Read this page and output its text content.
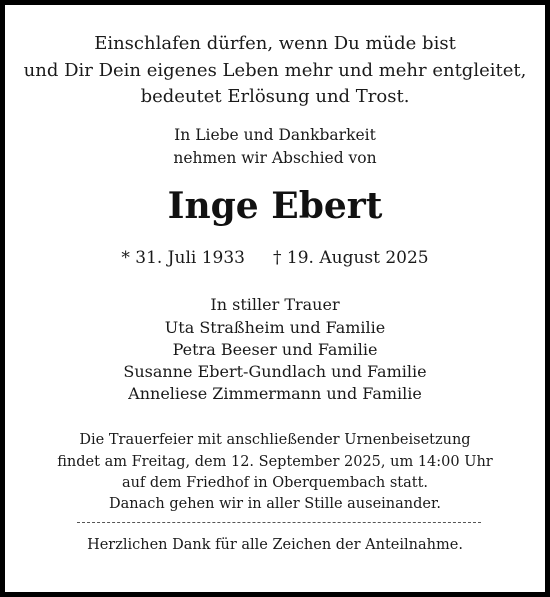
Einschlafen dürfen, wenn Du müde bist
und Dir Dein eigenes Leben mehr und mehr entgleitet,
bedeutet Erlösung und Trost.
In Liebe und Dankbarkeit
nehmen wir Abschied von
Inge Ebert
* 31. Juli 1933 † 19. August 2025
In stiller Trauer
Uta Straßheim und Familie
Petra Beeser und Familie
Susanne Ebert-Gundlach und Familie
Anneliese Zimmermann und Familie
Die Trauerfeier mit anschließender Urnenbeisetzung
findet am Freitag, dem 12. September 2025, um 14:00 Uhr
auf dem Friedhof in Oberquembach statt.
Danach gehen wir in aller Stille auseinander.
Herzlichen Dank für alle Zeichen der Anteilnahme.
